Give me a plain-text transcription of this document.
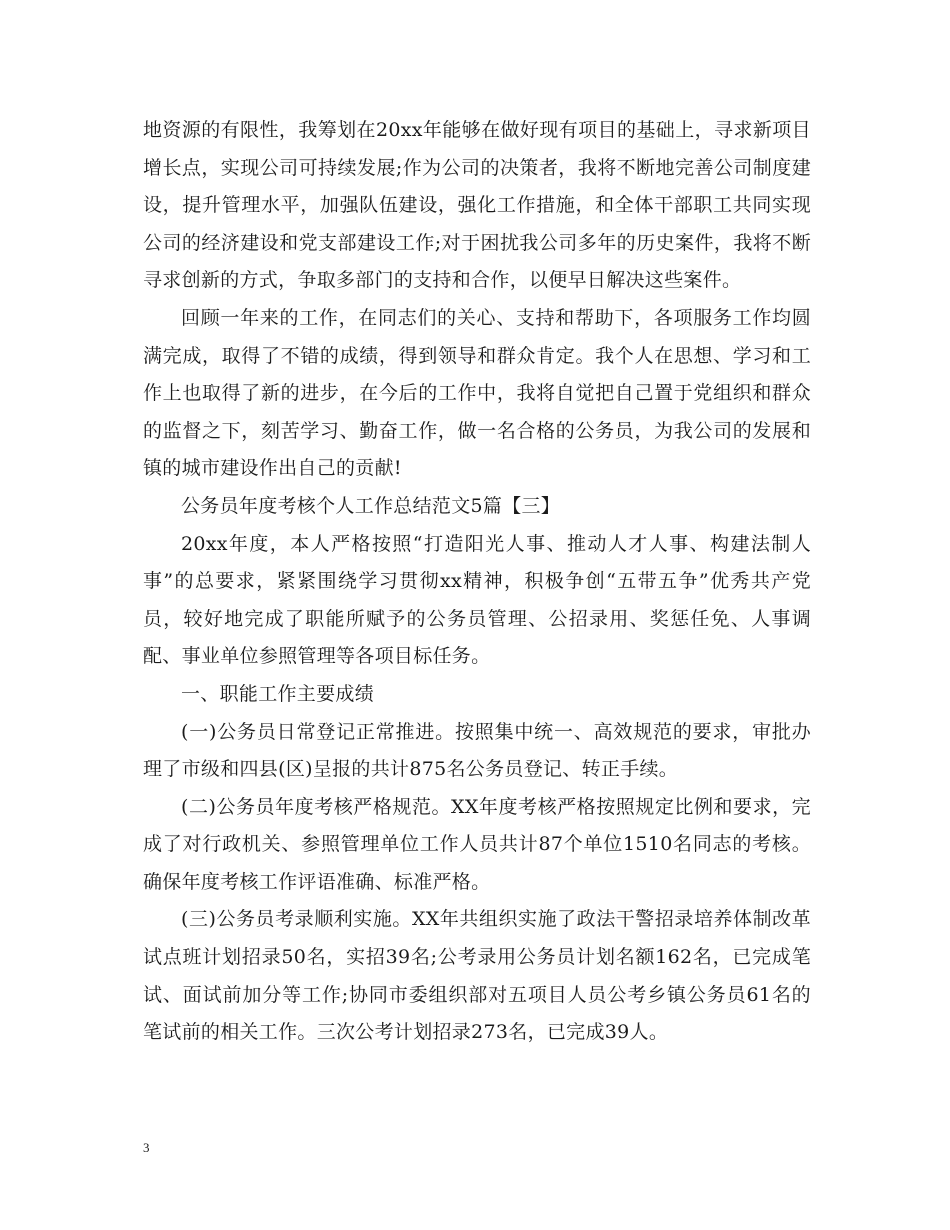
地资源的有限性，我筹划在20xx年能够在做好现有项目的基础上，寻求新项目增长点，实现公司可持续发展;作为公司的决策者，我将不断地完善公司制度建设，提升管理水平，加强队伍建设，强化工作措施，和全体干部职工共同实现公司的经济建设和党支部建设工作;对于困扰我公司多年的历史案件，我将不断寻求创新的方式，争取多部门的支持和合作，以便早日解决这些案件。

回顾一年来的工作，在同志们的关心、支持和帮助下，各项服务工作均圆满完成，取得了不错的成绩，得到领导和群众肯定。我个人在思想、学习和工作上也取得了新的进步，在今后的工作中，我将自觉把自己置于党组织和群众的监督之下，刻苦学习、勤奋工作，做一名合格的公务员，为我公司的发展和镇的城市建设作出自己的贡献!

公务员年度考核个人工作总结范文5篇【三】

20xx年度，本人严格按照“打造阳光人事、推动人才人事、构建法制人事”的总要求，紧紧围绕学习贯彻xx精神，积极争创“五带五争”优秀共产党员，较好地完成了职能所赋予的公务员管理、公招录用、奖惩任免、人事调配、事业单位参照管理等各项目标任务。

一、职能工作主要成绩

(一)公务员日常登记正常推进。按照集中统一、高效规范的要求，审批办理了市级和四县(区)呈报的共计875名公务员登记、转正手续。

(二)公务员年度考核严格规范。XX年度考核严格按照规定比例和要求，完成了对行政机关、参照管理单位工作人员共计87个单位1510名同志的考核。确保年度考核工作评语准确、标准严格。

(三)公务员考录顺利实施。XX年共组织实施了政法干警招录培养体制改革试点班计划招录50名，实招39名;公考录用公务员计划名额162名，已完成笔试、面试前加分等工作;协同市委组织部对五项目人员公考乡镇公务员61名的笔试前的相关工作。三次公考计划招录273名，已完成39人。

3
